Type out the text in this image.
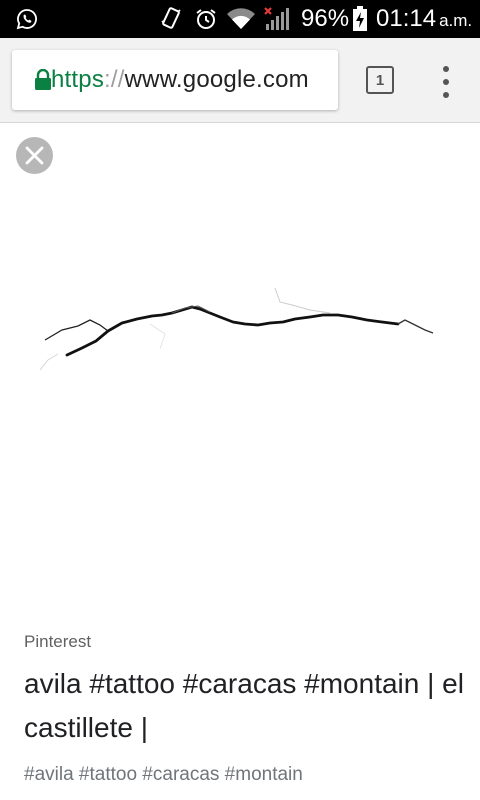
96% 01:14 a.m.
https://www.google.com	1
Pinterest
avila #tattoo #caracas #montain | el castillete |
#avila #tattoo #caracas #montain
